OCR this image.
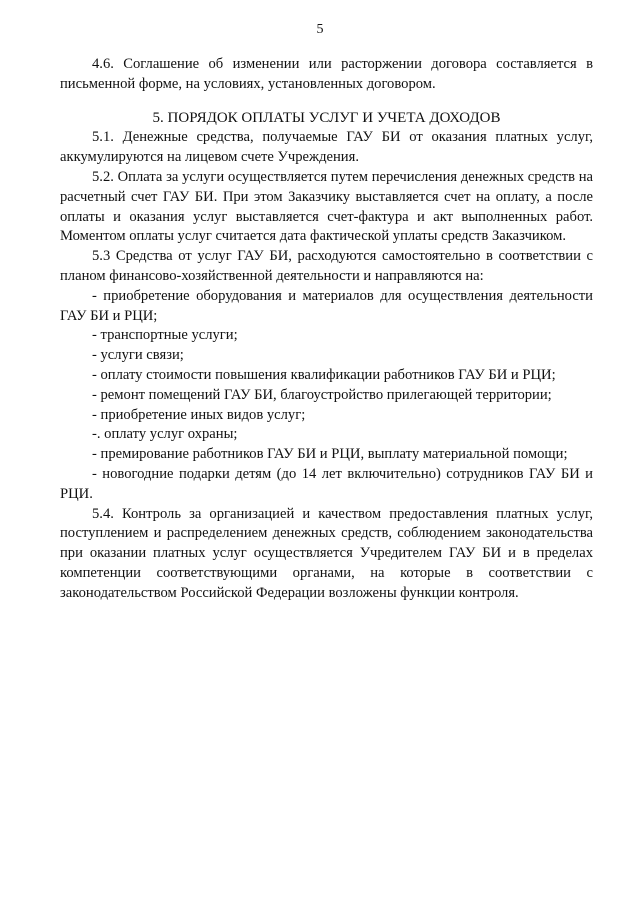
5

4.6. Соглашение об изменении или расторжении договора составляется в письменной форме, на условиях, установленных договором.

5. ПОРЯДОК ОПЛАТЫ УСЛУГ И УЧЕТА ДОХОДОВ

5.1. Денежные средства, получаемые ГАУ БИ от оказания платных услуг, аккумулируются на лицевом счете Учреждения.

5.2. Оплата за услуги осуществляется путем перечисления денежных средств на расчетный счет ГАУ БИ. При этом Заказчику выставляется счет на оплату, а после оплаты и оказания услуг выставляется счет-фактура и акт выполненных работ. Моментом оплаты услуг считается дата фактической уплаты средств Заказчиком.

5.3 Средства от услуг ГАУ БИ, расходуются самостоятельно в соответствии с планом финансово-хозяйственной деятельности и направляются на:

- приобретение оборудования и материалов для осуществления деятельности ГАУ БИ и РЦИ;

- транспортные услуги;

- услуги связи;

- оплату стоимости повышения квалификации работников ГАУ БИ и РЦИ;

- ремонт помещений ГАУ БИ, благоустройство прилегающей территории;

- приобретение иных видов услуг;

-. оплату услуг охраны;

- премирование работников ГАУ БИ и РЦИ, выплату материальной помощи;

- новогодние подарки детям (до 14 лет включительно) сотрудников ГАУ БИ и РЦИ.

5.4. Контроль за организацией и качеством предоставления платных услуг, поступлением и распределением денежных средств, соблюдением законодательства при оказании платных услуг осуществляется Учредителем ГАУ БИ и в пределах компетенции соответствующими органами, на которые в соответствии с законодательством Российской Федерации возложены функции контроля.
